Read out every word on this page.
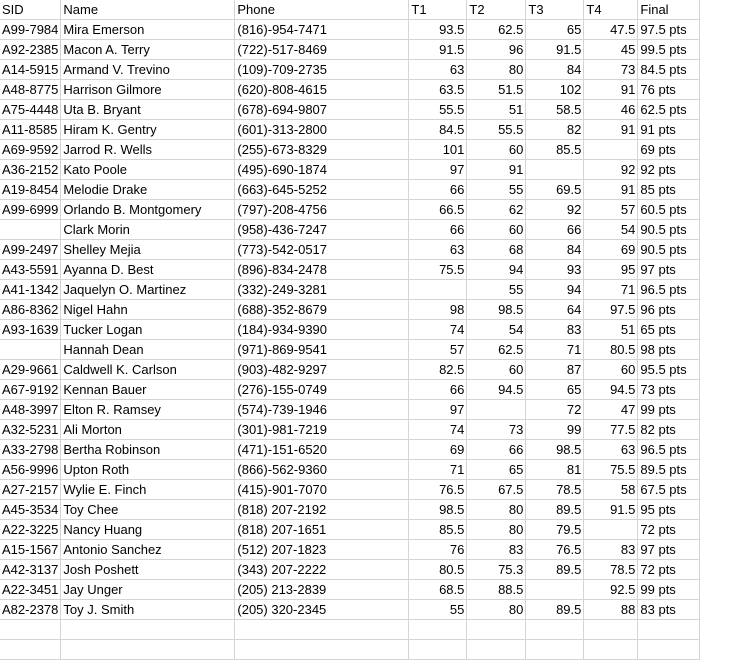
SID	Name	Phone	T1	T2	T3	T4	Final
A99-7984	Mira Emerson	(816)-954-7471	93.5	62.5	65	47.5	97.5 pts
A92-2385	Macon A. Terry	(722)-517-8469	91.5	96	91.5	45	99.5 pts
A14-5915	Armand V. Trevino	(109)-709-2735	63	80	84	73	84.5 pts
A48-8775	Harrison Gilmore	(620)-808-4615	63.5	51.5	102	91	76 pts
A75-4448	Uta B. Bryant	(678)-694-9807	55.5	51	58.5	46	62.5 pts
A11-8585	Hiram K. Gentry	(601)-313-2800	84.5	55.5	82	91	91 pts
A69-9592	Jarrod R. Wells	(255)-673-8329	101	60	85.5		69 pts
A36-2152	Kato Poole	(495)-690-1874	97	91		92	92 pts
A19-8454	Melodie Drake	(663)-645-5252	66	55	69.5	91	85 pts
A99-6999	Orlando B. Montgomery	(797)-208-4756	66.5	62	92	57	60.5 pts
	Clark Morin	(958)-436-7247	66	60	66	54	90.5 pts
A99-2497	Shelley Mejia	(773)-542-0517	63	68	84	69	90.5 pts
A43-5591	Ayanna D. Best	(896)-834-2478	75.5	94	93	95	97 pts
A41-1342	Jaquelyn O. Martinez	(332)-249-3281		55	94	71	96.5 pts
A86-8362	Nigel Hahn	(688)-352-8679	98	98.5	64	97.5	96 pts
A93-1639	Tucker Logan	(184)-934-9390	74	54	83	51	65 pts
	Hannah Dean	(971)-869-9541	57	62.5	71	80.5	98 pts
A29-9661	Caldwell K. Carlson	(903)-482-9297	82.5	60	87	60	95.5 pts
A67-9192	Kennan Bauer	(276)-155-0749	66	94.5	65	94.5	73 pts
A48-3997	Elton R. Ramsey	(574)-739-1946	97		72	47	99 pts
A32-5231	Ali Morton	(301)-981-7219	74	73	99	77.5	82 pts
A33-2798	Bertha Robinson	(471)-151-6520	69	66	98.5	63	96.5 pts
A56-9996	Upton Roth	(866)-562-9360	71	65	81	75.5	89.5 pts
A27-2157	Wylie E. Finch	(415)-901-7070	76.5	67.5	78.5	58	67.5 pts
A45-3534	Toy Chee	(818) 207-2192	98.5	80	89.5	91.5	95 pts
A22-3225	Nancy Huang	(818) 207-1651	85.5	80	79.5		72 pts
A15-1567	Antonio Sanchez	(512) 207-1823	76	83	76.5	83	97 pts
A42-3137	Josh Poshett	(343) 207-2222	80.5	75.3	89.5	78.5	72 pts
A22-3451	Jay Unger	(205) 213-2839	68.5	88.5		92.5	99 pts
A82-2378	Toy J. Smith	(205) 320-2345	55	80	89.5	88	83 pts
